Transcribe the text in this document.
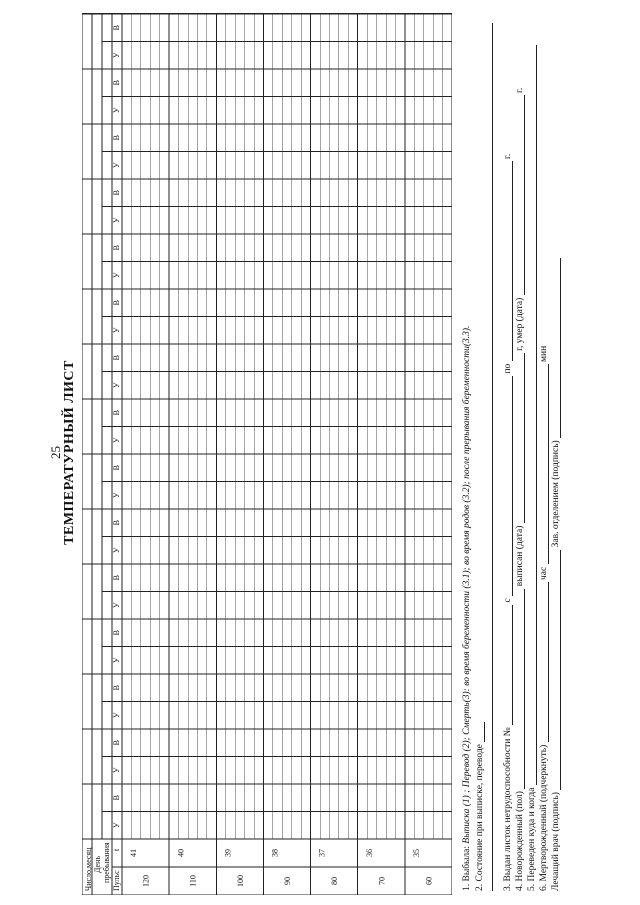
25 ТЕМПЕРАТУРНЫЙ ЛИСТ
Число,месяц День пребывания Пульс
t
У
В
У
В
У
В
У
В
У
В
У
В
У
В
У
В
У
В
У
В
У
В
У
В
У
В
У
В
У
В
120
41
110
40
100
39
90
38
80
37
70
36
60
35	1. Выбыла: Выписка (1) ; Перевод (2); Смерть(3): во время беременности (3.1); во время родов (3.2); после прерывания беременности(3.3). 2. Состояние при выписке, переводе 3. Выдан листок нетрудоспособности №  с  по  г.
4. Новорожденный (пол)  выписан (дата)  г, умер (дата)  г.
5. Переведен куда и когда 6. Мертворожденный (подчеркнуть)  час  мин
Лечащий врач (подпись)  Зав. отделением (подпись)
